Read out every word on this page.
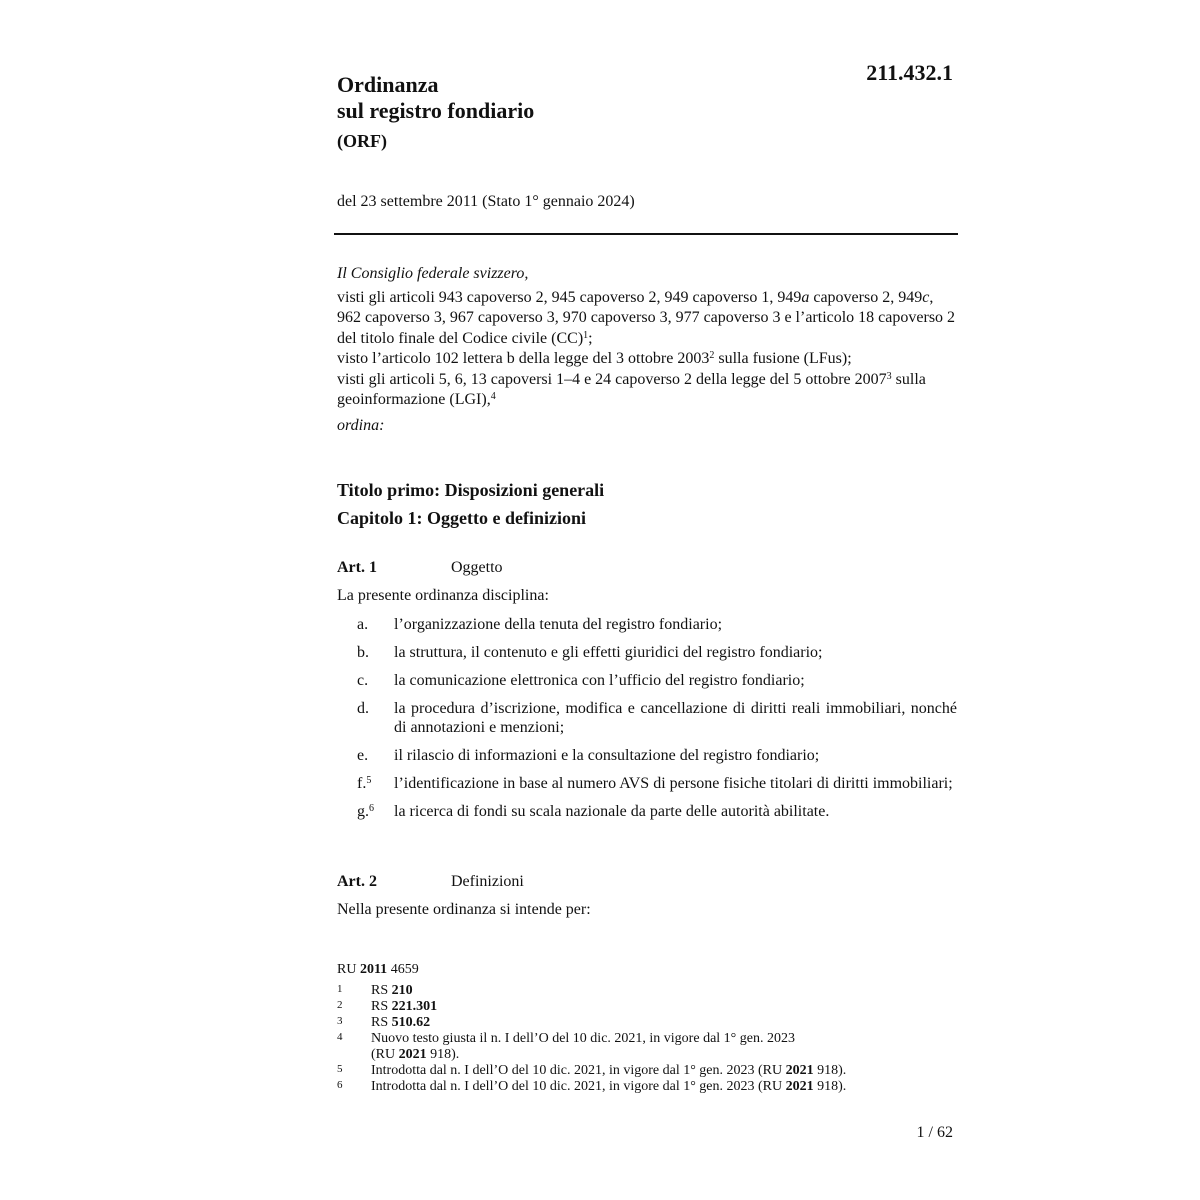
211.432.1
Ordinanza
sul registro fondiario
(ORF)
del 23 settembre 2011 (Stato 1° gennaio 2024)
Il Consiglio federale svizzero,
visti gli articoli 943 capoverso 2, 945 capoverso 2, 949 capoverso 1, 949a capoverso 2, 949c, 962 capoverso 3, 967 capoverso 3, 970 capoverso 3, 977 capoverso 3 e l’articolo 18 capoverso 2 del titolo finale del Codice civile (CC)$^1$;
visto l’articolo 102 lettera b della legge del 3 ottobre 2003$^2$ sulla fusione (LFus);
visti gli articoli 5, 6, 13 capoversi 1–4 e 24 capoverso 2 della legge del 5 ottobre 2007$^3$ sulla geoinformazione (LGI),$^4$
ordina:
Titolo primo: Disposizioni generali
Capitolo 1: Oggetto e definizioni
Art. 1	Oggetto
La presente ordinanza disciplina:
a. l’organizzazione della tenuta del registro fondiario;
b. la struttura, il contenuto e gli effetti giuridici del registro fondiario;
c. la comunicazione elettronica con l’ufficio del registro fondiario;
d. la procedura d’iscrizione, modifica e cancellazione di diritti reali immobiliari, nonché di annotazioni e menzioni;
e. il rilascio di informazioni e la consultazione del registro fondiario;
f.$^5$ l’identificazione in base al numero AVS di persone fisiche titolari di diritti immobiliari;
g.$^6$ la ricerca di fondi su scala nazionale da parte delle autorità abilitate.
Art. 2	Definizioni
Nella presente ordinanza si intende per:
RU 2011 4659
1 RS 210
2 RS 221.301
3 RS 510.62
4 Nuovo testo giusta il n. I dell’O del 10 dic. 2021, in vigore dal 1° gen. 2023
(RU 2021 918).
5 Introdotta dal n. I dell’O del 10 dic. 2021, in vigore dal 1° gen. 2023 (RU 2021 918).
6 Introdotta dal n. I dell’O del 10 dic. 2021, in vigore dal 1° gen. 2023 (RU 2021 918).
1 / 62
